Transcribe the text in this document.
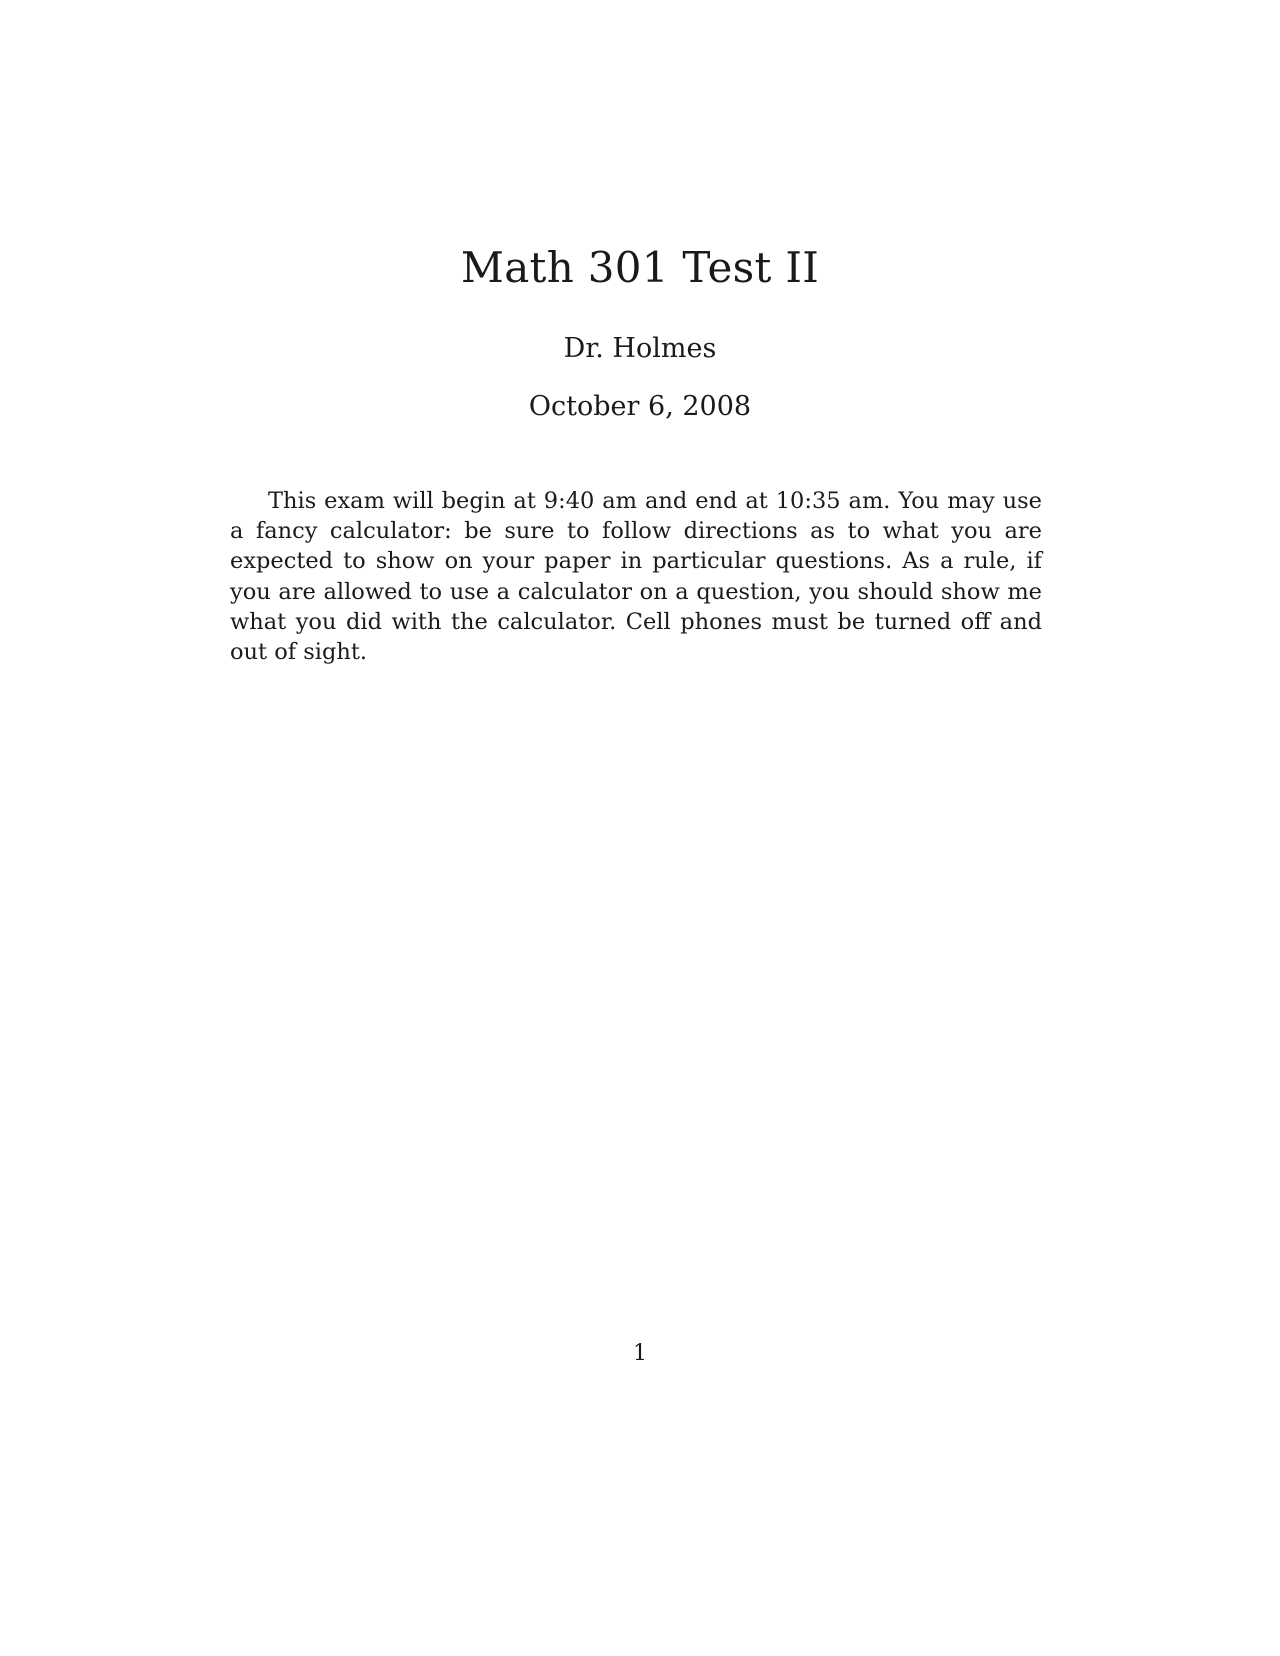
Math 301 Test II
Dr. Holmes
October 6, 2008

This exam will begin at 9:40 am and end at 10:35 am. You may use a fancy calculator: be sure to follow directions as to what you are expected to show on your paper in particular questions. As a rule, if you are allowed to use a calculator on a question, you should show me what you did with the calculator. Cell phones must be turned off and out of sight.

1
